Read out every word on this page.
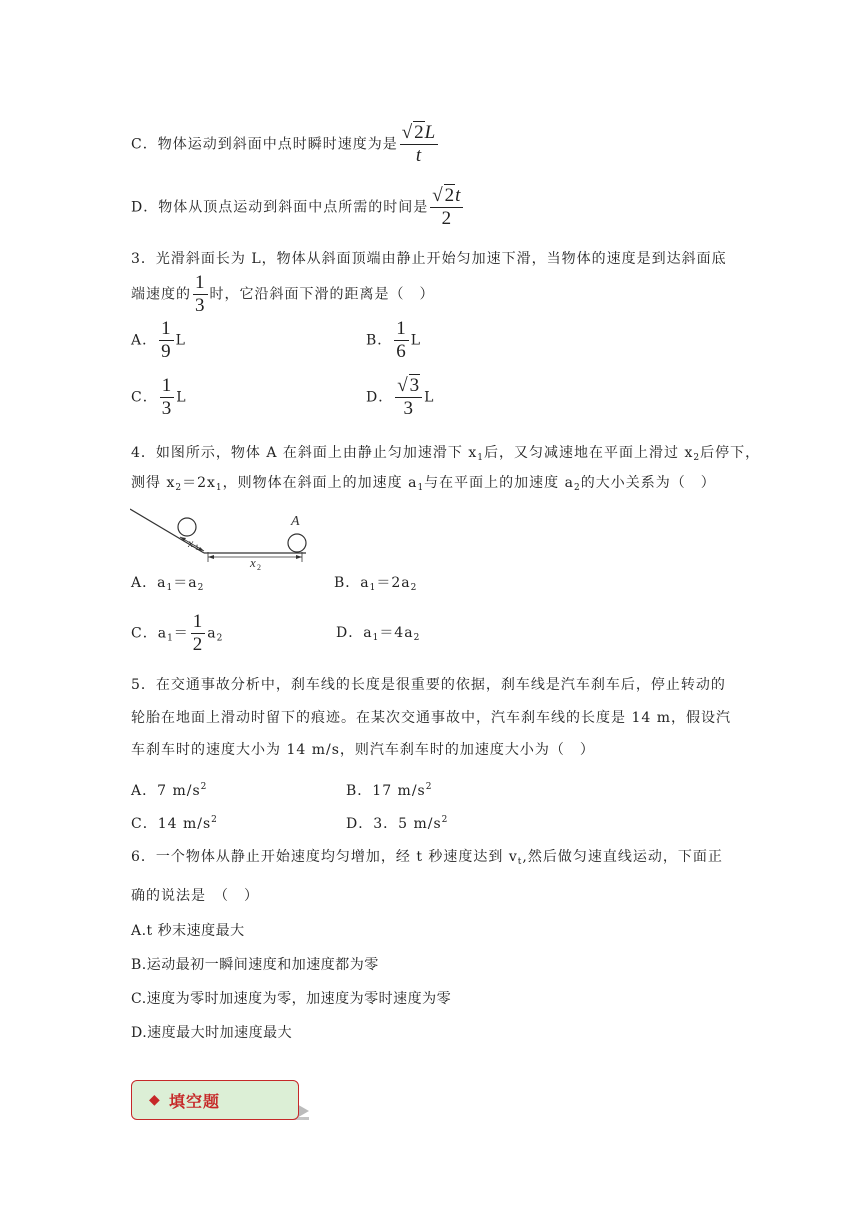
C．物体运动到斜面中点时瞬时速度为是 $\frac{√2L}{t}$
D．物体从顶点运动到斜面中点所需的时间是 $\frac{√2t}{2}$
3．光滑斜面长为 L，物体从斜面顶端由静止开始匀加速下滑，当物体的速度是到达斜面底
端速度的 $\frac{1}{3}$ 时，它沿斜面下滑的距离是（　）
A． $\frac{1}{9}$ L	B． $\frac{1}{6}$ L
C． $\frac{1}{3}$ L	D． $\frac{√3}{3}$ L
4．如图所示，物体 A 在斜面上由静止匀加速滑下 $x_1$后，又匀减速地在平面上滑过 $x_2$后停下，
测得 $x_2=2x_1$，则物体在斜面上的加速度 $a_1$与在平面上的加速度 $a_2$的大小关系为（　）
A
x 1
x 2
A．$a_1=a_2$	B．$a_1=2a_2$
C．$a_1= \frac{1}{2} a_2$	D．$a_1=4a_2$
5．在交通事故分析中，刹车线的长度是很重要的依据，刹车线是汽车刹车后，停止转动的
轮胎在地面上滑动时留下的痕迹。在某次交通事故中，汽车刹车线的长度是 14 m，假设汽
车刹车时的速度大小为 14 m/s，则汽车刹车时的加速度大小为（　）
A．7 $m/s^2$	B．17 $m/s^2$
C．14 $m/s^2$	D．3．5 $m/s^2$
6．一个物体从静止开始速度均匀增加，经 t 秒速度达到 $v_t$,然后做匀速直线运动，下面正
确的说法是　（　）
A.t 秒末速度最大
B.运动最初一瞬间速度和加速度都为零
C.速度为零时加速度为零，加速度为零时速度为零
D.速度最大时加速度最大
◆ 填空题
